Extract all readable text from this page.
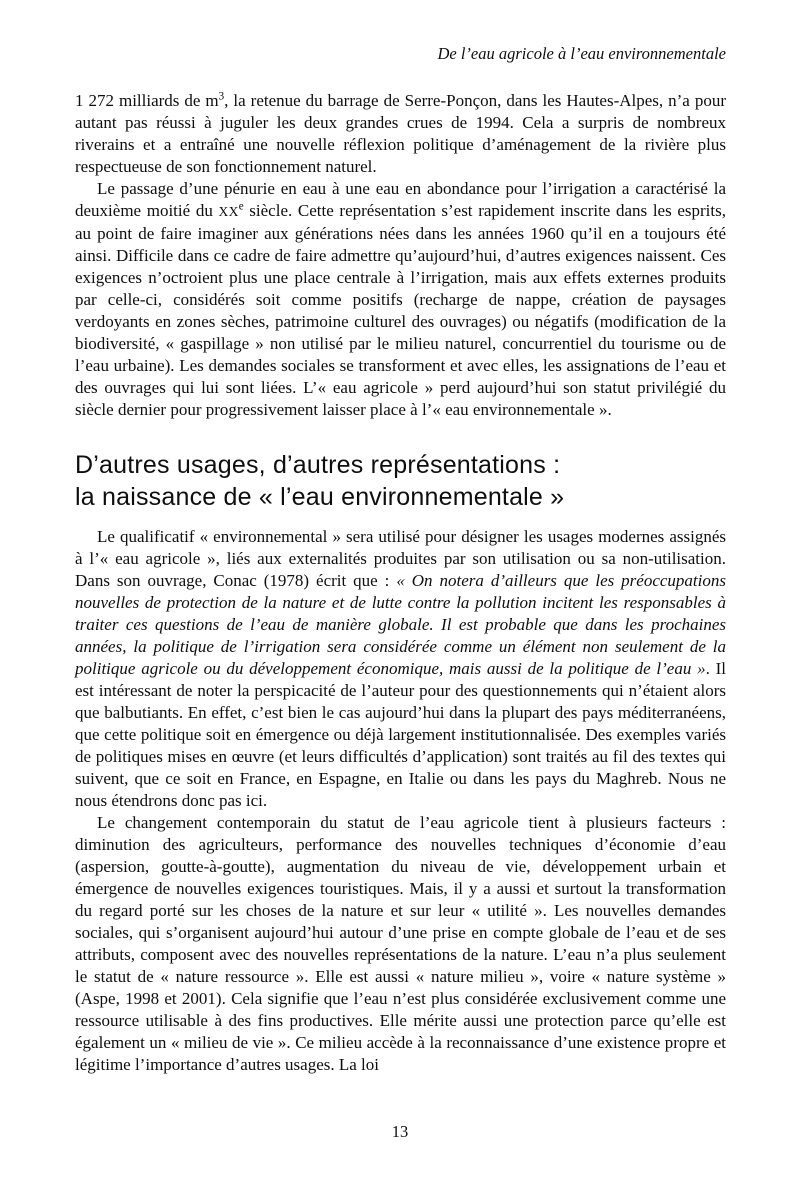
De l’eau agricole à l’eau environnementale

1 272 milliards de $m^3$, la retenue du barrage de Serre-Ponçon, dans les Hautes-Alpes, n’a pour autant pas réussi à juguler les deux grandes crues de 1994. Cela a surpris de nombreux riverains et a entraîné une nouvelle réflexion politique d’aménagement de la rivière plus respectueuse de son fonctionnement naturel.

Le passage d’une pénurie en eau à une eau en abondance pour l’irrigation a caractérisé la deuxième moitié du XXe siècle. Cette représentation s’est rapidement inscrite dans les esprits, au point de faire imaginer aux générations nées dans les années 1960 qu’il en a toujours été ainsi. Difficile dans ce cadre de faire admettre qu’aujourd’hui, d’autres exigences naissent. Ces exigences n’octroient plus une place centrale à l’irrigation, mais aux effets externes produits par celle-ci, considérés soit comme positifs (recharge de nappe, création de paysages verdoyants en zones sèches, patrimoine culturel des ouvrages) ou négatifs (modification de la biodiversité, « gaspillage » non utilisé par le milieu naturel, concurrentiel du tourisme ou de l’eau urbaine). Les demandes sociales se transforment et avec elles, les assignations de l’eau et des ouvrages qui lui sont liées. L’« eau agricole » perd aujourd’hui son statut privilégié du siècle dernier pour progressivement laisser place à l’« eau environnementale ».

D’autres usages, d’autres représentations :
la naissance de « l’eau environnementale »

Le qualificatif « environnemental » sera utilisé pour désigner les usages modernes assignés à l’« eau agricole », liés aux externalités produites par son utilisation ou sa non-utilisation. Dans son ouvrage, Conac (1978) écrit que : « On notera d’ailleurs que les préoccupations nouvelles de protection de la nature et de lutte contre la pollution incitent les responsables à traiter ces questions de l’eau de manière globale. Il est probable que dans les prochaines années, la politique de l’irrigation sera considérée comme un élément non seulement de la politique agricole ou du développement économique, mais aussi de la politique de l’eau ». Il est intéressant de noter la perspicacité de l’auteur pour des questionnements qui n’étaient alors que balbutiants. En effet, c’est bien le cas aujourd’hui dans la plupart des pays méditerranéens, que cette politique soit en émergence ou déjà largement institutionnalisée. Des exemples variés de politiques mises en œuvre (et leurs difficultés d’application) sont traités au fil des textes qui suivent, que ce soit en France, en Espagne, en Italie ou dans les pays du Maghreb. Nous ne nous étendrons donc pas ici.

Le changement contemporain du statut de l’eau agricole tient à plusieurs facteurs : diminution des agriculteurs, performance des nouvelles techniques d’économie d’eau (aspersion, goutte-à-goutte), augmentation du niveau de vie, développement urbain et émergence de nouvelles exigences touristiques. Mais, il y a aussi et surtout la transformation du regard porté sur les choses de la nature et sur leur « utilité ». Les nouvelles demandes sociales, qui s’organisent aujourd’hui autour d’une prise en compte globale de l’eau et de ses attributs, composent avec des nouvelles représentations de la nature. L’eau n’a plus seulement le statut de « nature ressource ». Elle est aussi « nature milieu », voire « nature système » (Aspe, 1998 et 2001). Cela signifie que l’eau n’est plus considérée exclusivement comme une ressource utilisable à des fins productives. Elle mérite aussi une protection parce qu’elle est également un « milieu de vie ». Ce milieu accède à la reconnaissance d’une existence propre et légitime l’importance d’autres usages. La loi

13
